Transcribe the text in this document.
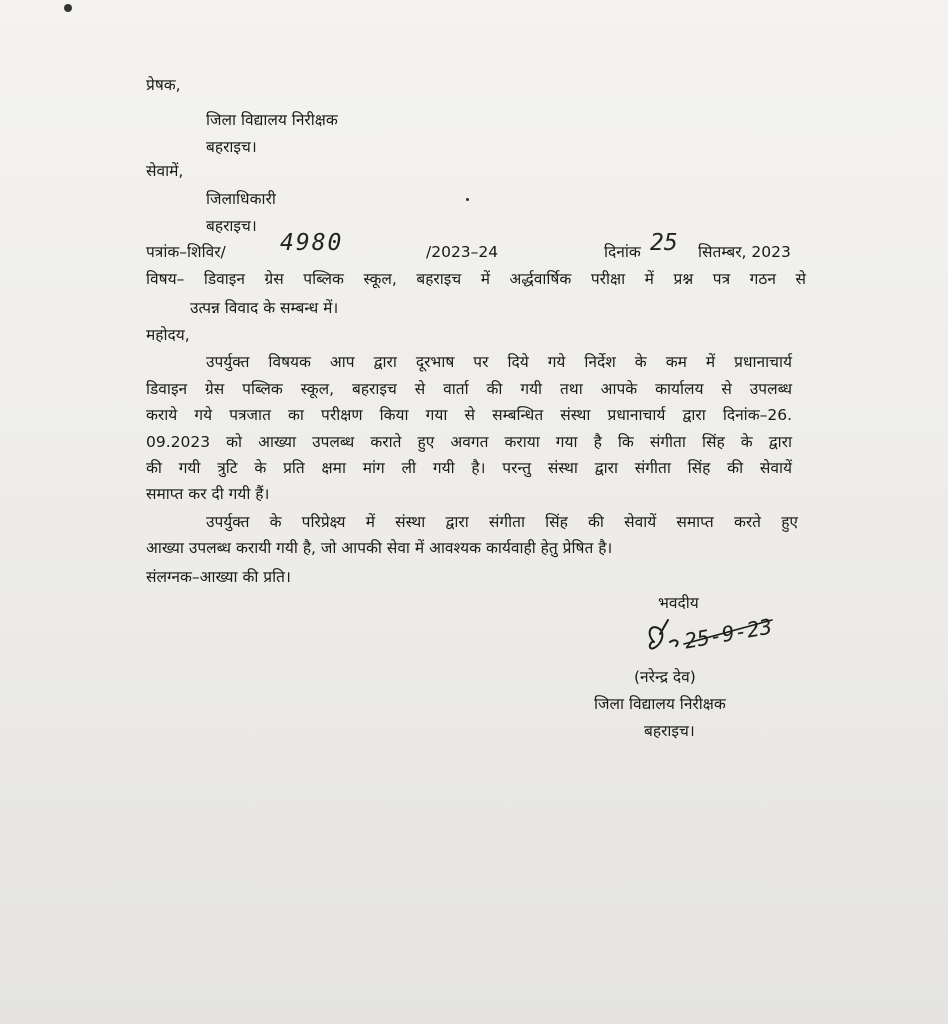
प्रेषक,
जिला विद्यालय निरीक्षक
बहराइच।
सेवामें,
जिलाधिकारी
बहराइच।
पत्रांक–शिविर/ 4980	/2023–24	दिनांक 25 सितम्बर, 2023
विषय– डिवाइन ग्रेस पब्लिक स्कूल, बहराइच में अर्द्धवार्षिक परीक्षा में प्रश्न पत्र गठन से
उत्पन्न विवाद के सम्बन्ध में।
महोदय,
उपर्युक्त विषयक आप द्वारा दूरभाष पर दिये गये निर्देश के कम में प्रधानाचार्य
डिवाइन ग्रेस पब्लिक स्कूल, बहराइच से वार्ता की गयी तथा आपके कार्यालय से उपलब्ध
कराये गये पत्रजात का परीक्षण किया गया से सम्बन्धित संस्था प्रधानाचार्य द्वारा दिनांक–26.
09.2023 को आख्या उपलब्ध कराते हुए अवगत कराया गया है कि संगीता सिंह के द्वारा
की गयी त्रुटि के प्रति क्षमा मांग ली गयी है। परन्तु संस्था द्वारा संगीता सिंह की सेवायें
समाप्त कर दी गयी हैं।
उपर्युक्त के परिप्रेक्ष्य में संस्था द्वारा संगीता सिंह की सेवायें समाप्त करते हुए
आख्या उपलब्ध करायी गयी है, जो आपकी सेवा में आवश्यक कार्यवाही हेतु प्रेषित है।
संलग्नक–आख्या की प्रति।
भवदीय
25-9-23
(नरेन्द्र देव)
जिला विद्यालय निरीक्षक
बहराइच।
